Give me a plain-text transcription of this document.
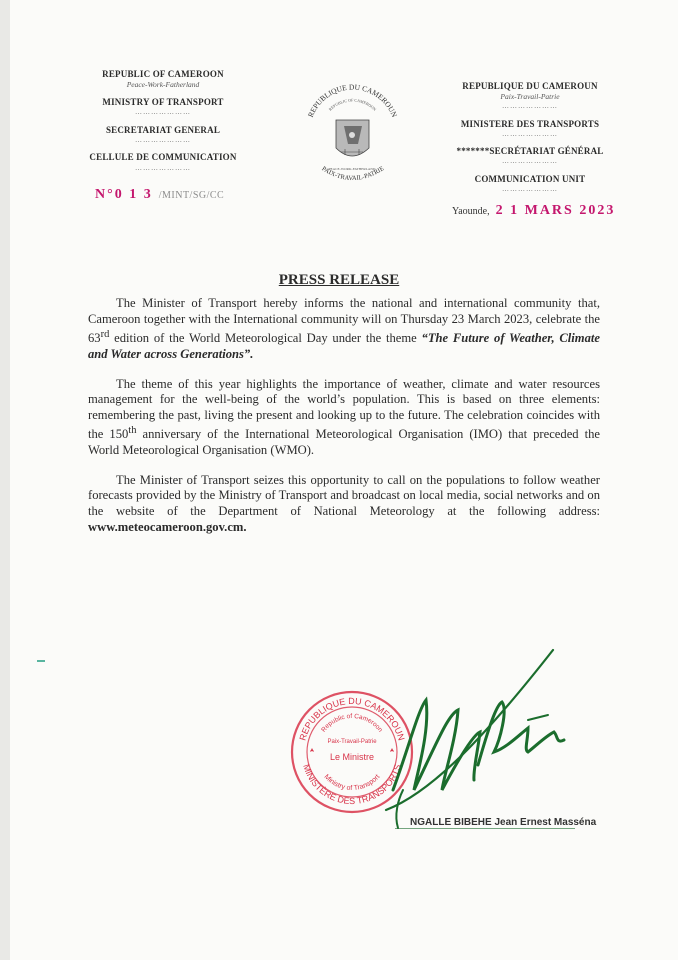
REPUBLIC OF CAMEROON
Peace-Work-Fatherland
MINISTRY OF TRANSPORT
…………………
SECRETARIAT GENERAL
…………………
CELLULE DE COMMUNICATION
…………………
REPUBLIQUE DU CAMEROUN
REPUBLIC OF CAMEROON
PAIX-TRAVAIL-PATRIE
PEACE-WORK-FATHERLAND
REPUBLIQUE DU CAMEROUN
Paix-Travail-Patrie
…………………
MINISTERE DES TRANSPORTS
…………………
*******SECRÉTARIAT GÉNÉRAL
…………………
COMMUNICATION UNIT
…………………
N°0 1 3 /MINT/SG/CC
Yaounde, 2 1 MARS 2023
PRESS RELEASE

The Minister of Transport hereby informs the national and international community that, Cameroon together with the International community will on Thursday 23 March 2023, celebrate the 63rd edition of the World Meteorological Day under the theme “The Future of Weather, Climate and Water across Generations”.

The theme of this year highlights the importance of weather, climate and water resources management for the well-being of the world’s population. This is based on three elements: remembering the past, living the present and looking up to the future. The celebration coincides with the 150th anniversary of the International Meteorological Organisation (IMO) that preceded the World Meteorological Organisation (WMO).

The Minister of Transport seizes this opportunity to call on the populations to follow weather forecasts provided by the Ministry of Transport and broadcast on local media, social networks and on the website of the Department of National Meteorology at the following address: www.meteocameroon.gov.cm.

REPUBLIQUE DU CAMEROUN
MINISTÈRE DES TRANSPORTS
Republic of Cameroon
Paix-Travail-Patrie
Le Ministre
Ministry of Transport
NGALLE BIBEHE Jean Ernest Masséna
